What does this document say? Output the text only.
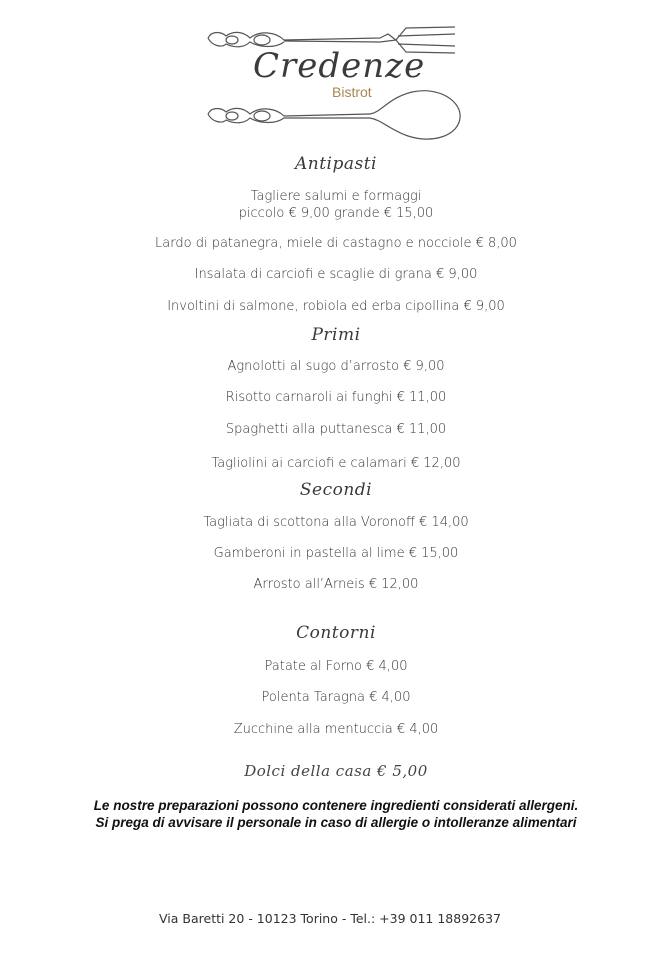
Credenze

Bistrot

Antipasti

Tagliere salumi e formaggi

piccolo € 9,00 grande € 15,00

Lardo di patanegra, miele di castagno e nocciole € 8,00

Insalata di carciofi e scaglie di grana € 9,00

Involtini di salmone, robiola ed erba cipollina € 9,00

Primi

Agnolotti al sugo d’arrosto € 9,00

Risotto carnaroli ai funghi € 11,00

Spaghetti alla puttanesca € 11,00

Tagliolini ai carciofi e calamari € 12,00

Secondi

Tagliata di scottona alla Voronoff € 14,00

Gamberoni in pastella al lime € 15,00

Arrosto all’Arneis € 12,00

Contorni

Patate al Forno € 4,00

Polenta Taragna € 4,00

Zucchine alla mentuccia € 4,00

Dolci della casa € 5,00

Le nostre preparazioni possono contenere ingredienti considerati allergeni.

Si prega di avvisare il personale in caso di allergie o intolleranze alimentari

Via Baretti 20 - 10123 Torino - Tel.: +39 011 18892637
